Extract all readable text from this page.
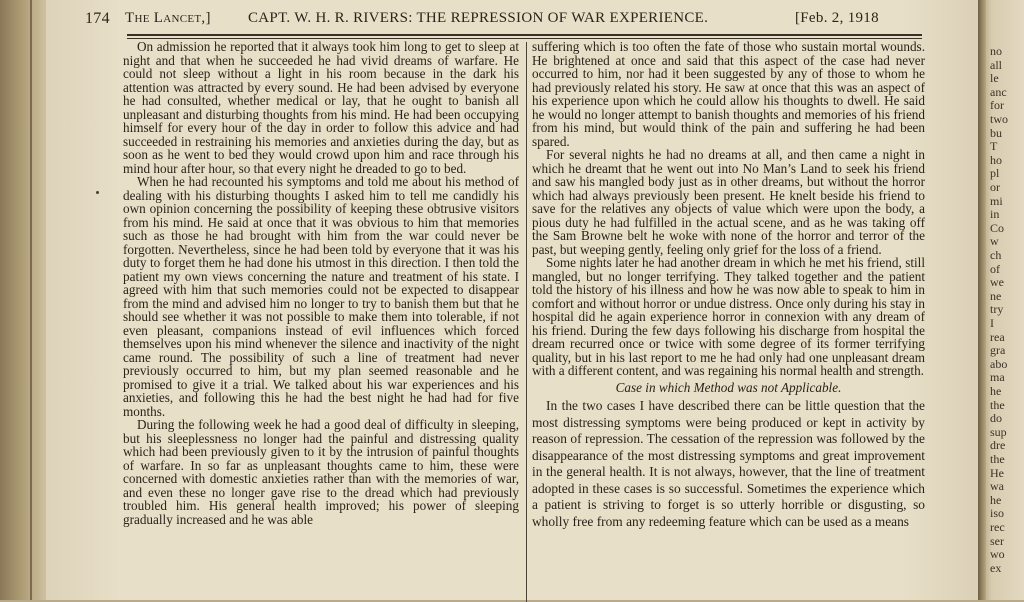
no
all
le
anc
for
two
bu
T
ho
pl
or
mi
in
Co
w
ch
of
we
ne
try
I
rea
gra
abo
ma
he
the
do
sup
dre
the
He
wa
he
iso
rec
ser
wo
ex
174 The Lancet,] CAPT. W. H. R. RIVERS: THE REPRESSION OF WAR EXPERIENCE.	[Feb. 2, 1918

On admission he reported that it always took him long to get to sleep at night and that when he succeeded he had vivid dreams of warfare. He could not sleep without a light in his room because in the dark his attention was attracted by every sound. He had been advised by everyone he had consulted, whether medical or lay, that he ought to banish all unpleasant and disturbing thoughts from his mind. He had been occupying himself for every hour of the day in order to follow this advice and had succeeded in restraining his memories and anxieties during the day, but as soon as he went to bed they would crowd upon him and race through his mind hour after hour, so that every night he dreaded to go to bed.

When he had recounted his symptoms and told me about his method of dealing with his disturbing thoughts I asked him to tell me candidly his own opinion concerning the possibility of keeping these obtrusive visitors from his mind. He said at once that it was obvious to him that memories such as those he had brought with him from the war could never be forgotten. Nevertheless, since he had been told by everyone that it was his duty to forget them he had done his utmost in this direction. I then told the patient my own views concerning the nature and treatment of his state. I agreed with him that such memories could not be expected to disappear from the mind and advised him no longer to try to banish them but that he should see whether it was not possible to make them into tolerable, if not even pleasant, companions instead of evil influences which forced themselves upon his mind whenever the silence and inactivity of the night came round. The possibility of such a line of treatment had never previously occurred to him, but my plan seemed reasonable and he promised to give it a trial. We talked about his war experiences and his anxieties, and following this he had the best night he had had for five months.

During the following week he had a good deal of difficulty in sleeping, but his sleeplessness no longer had the painful and distressing quality which had been previously given to it by the intrusion of painful thoughts of warfare. In so far as unpleasant thoughts came to him, these were concerned with domestic anxieties rather than with the memories of war, and even these no longer gave rise to the dread which had previously troubled him. His general health improved; his power of sleeping gradually increased and he was able

suffering which is too often the fate of those who sustain mortal wounds. He brightened at once and said that this aspect of the case had never occurred to him, nor had it been suggested by any of those to whom he had previously related his story. He saw at once that this was an aspect of his experience upon which he could allow his thoughts to dwell. He said he would no longer attempt to banish thoughts and memories of his friend from his mind, but would think of the pain and suffering he had been spared.

For several nights he had no dreams at all, and then came a night in which he dreamt that he went out into No Man’s Land to seek his friend and saw his mangled body just as in other dreams, but without the horror which had always previously been present. He knelt beside his friend to save for the relatives any objects of value which were upon the body, a pious duty he had fulfilled in the actual scene, and as he was taking off the Sam Browne belt he woke with none of the horror and terror of the past, but weeping gently, feeling only grief for the loss of a friend.

Some nights later he had another dream in which he met his friend, still mangled, but no longer terrifying. They talked together and the patient told the history of his illness and how he was now able to speak to him in comfort and without horror or undue distress. Once only during his stay in hospital did he again experience horror in connexion with any dream of his friend. During the few days following his discharge from hospital the dream recurred once or twice with some degree of its former terrifying quality, but in his last report to me he had only had one unpleasant dream with a different content, and was regaining his normal health and strength.

Case in which Method was not Applicable.

In the two cases I have described there can be little question that the most distressing symptoms were being produced or kept in activity by reason of repression. The cessation of the repression was followed by the disappearance of the most distressing symptoms and great improvement in the general health. It is not always, however, that the line of treatment adopted in these cases is so successful. Sometimes the experience which a patient is striving to forget is so utterly horrible or disgusting, so wholly free from any redeeming feature which can be used as a means
